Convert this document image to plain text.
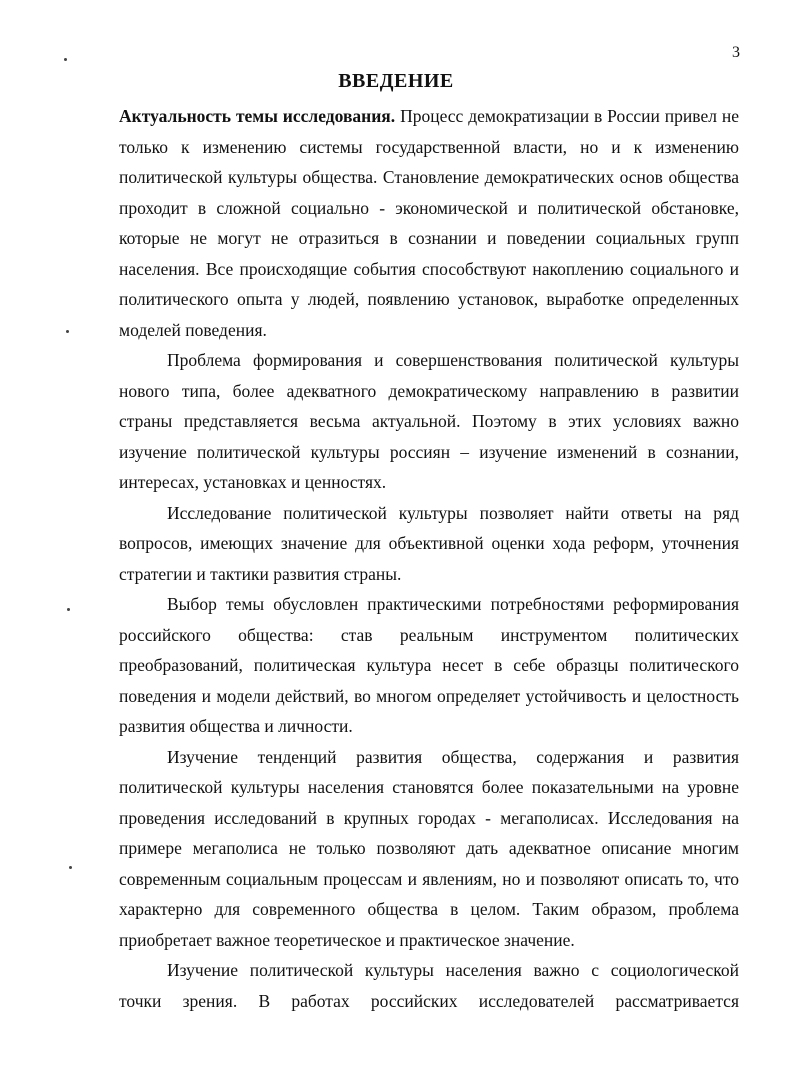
3
ВВЕДЕНИЕ

Актуальность темы исследования. Процесс демократизации в России привел не только к изменению системы государственной власти, но и к изменению политической культуры общества. Становление демократических основ общества проходит в сложной социально - экономической и политической обстановке, которые не могут не отразиться в сознании и поведении социальных групп населения. Все происходящие события способствуют накоплению социального и политического опыта у людей, появлению установок, выработке определенных моделей поведения.

Проблема формирования и совершенствования политической культуры нового типа, более адекватного демократическому направлению в развитии страны представляется весьма актуальной. Поэтому в этих условиях важно изучение политической культуры россиян – изучение изменений в сознании, интересах, установках и ценностях.

Исследование политической культуры позволяет найти ответы на ряд вопросов, имеющих значение для объективной оценки хода реформ, уточнения стратегии и тактики развития страны.

Выбор темы обусловлен практическими потребностями реформирования российского общества: став реальным инструментом политических преобразований, политическая культура несет в себе образцы политического поведения и модели действий, во многом определяет устойчивость и целостность развития общества и личности.

Изучение тенденций развития общества, содержания и развития политической культуры населения становятся более показательными на уровне проведения исследований в крупных городах - мегаполисах. Исследования на примере мегаполиса не только позволяют дать адекватное описание многим современным социальным процессам и явлениям, но и позволяют описать то, что характерно для современного общества в целом. Таким образом, проблема приобретает важное теоретическое и практическое значение.

Изучение политической культуры населения важно с социологической точки зрения. В работах российских исследователей рассматривается
